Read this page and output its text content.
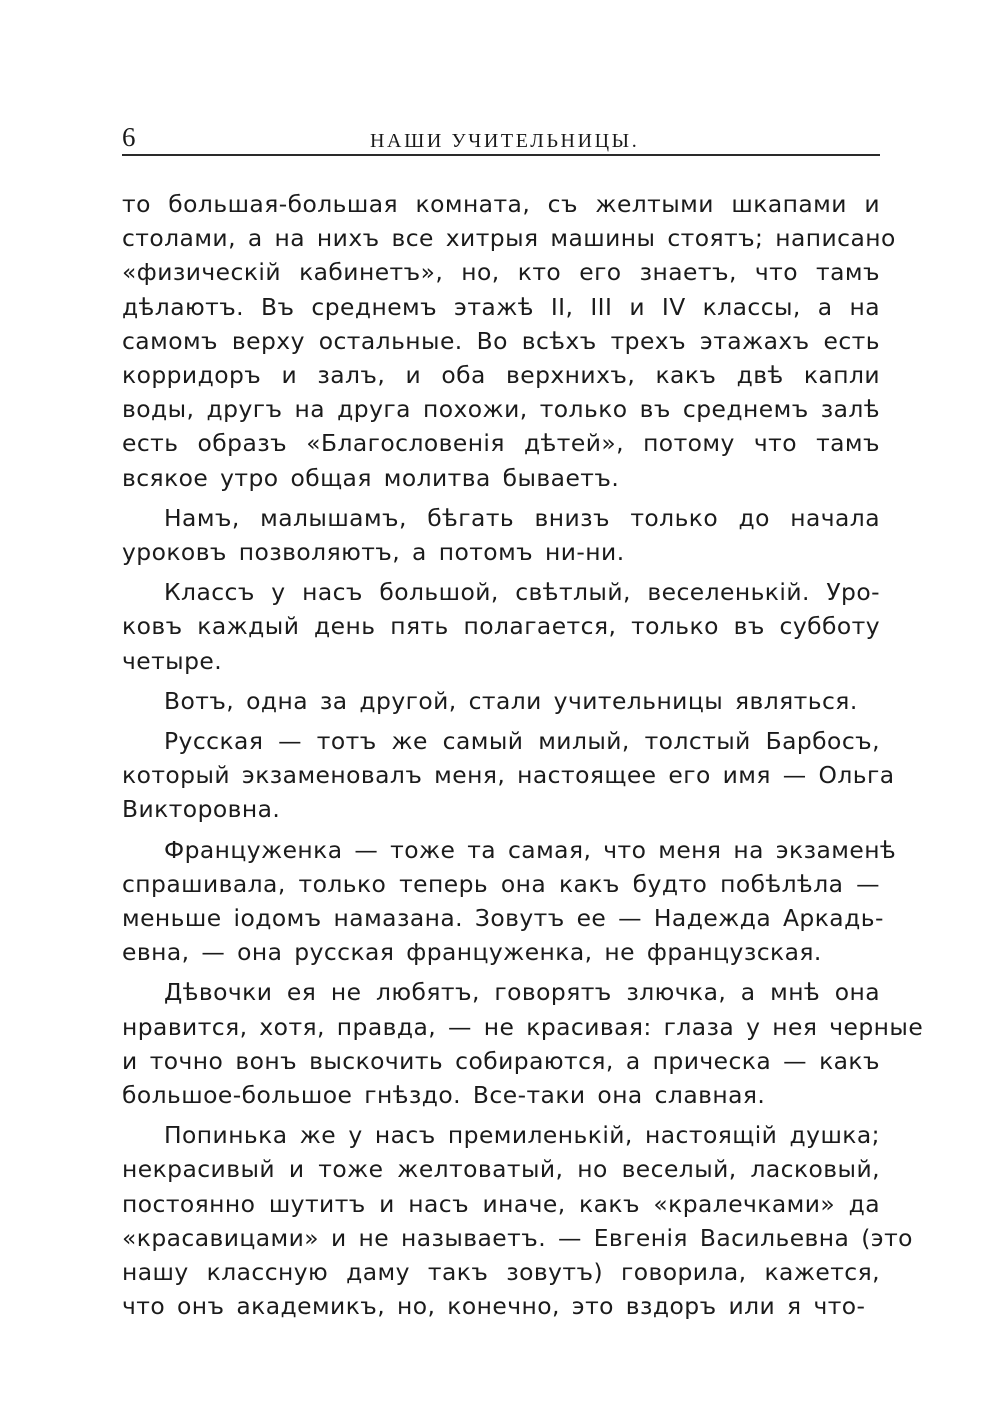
6	НАШИ УЧИТЕЛЬНИЦЫ.

то большая-большая комната, съ желтыми шкапами и
столами, а на нихъ все хитрыя машины стоятъ; написано
«физическій кабинетъ», но, кто его знаетъ, что тамъ
дѣлаютъ. Въ среднемъ этажѣ II, III и IV классы, а на
самомъ верху остальные. Во всѣхъ трехъ этажахъ есть
корридоръ и залъ, и оба верхнихъ, какъ двѣ капли
воды, другъ на друга похожи, только въ среднемъ залѣ
есть образъ «Благословенія дѣтей», потому что тамъ
всякое утро общая молитва бываетъ.

Намъ, малышамъ, бѣгать внизъ только до начала
уроковъ позволяютъ, а потомъ ни-ни.

Классъ у насъ большой, свѣтлый, веселенькій. Уро-
ковъ каждый день пять полагается, только въ субботу
четыре.

Вотъ, одна за другой, стали учительницы являться.

Русская — тотъ же самый милый, толстый Барбосъ,
который экзаменовалъ меня, настоящее его имя — Ольга
Викторовна.

Француженка — тоже та самая, что меня на экзаменѣ
спрашивала, только теперь она какъ будто побѣлѣла —
меньше іодомъ намазана. Зовутъ ее — Надежда Аркадь-
евна, — она русская француженка, не французская.

Дѣвочки ея не любятъ, говорятъ злючка, а мнѣ она
нравится, хотя, правда, — не красивая: глаза у нея черные
и точно вонъ выскочить собираются, а прическа — какъ
большое-большое гнѣздо. Все-таки она славная.

Попинька же у насъ премиленькій, настоящій душка;
некрасивый и тоже желтоватый, но веселый, ласковый,
постоянно шутитъ и насъ иначе, какъ «кралечками» да
«красавицами» и не называетъ. — Евгенія Васильевна (это
нашу классную даму такъ зовутъ) говорила, кажется,
что онъ академикъ, но, конечно, это вздоръ или я что-
